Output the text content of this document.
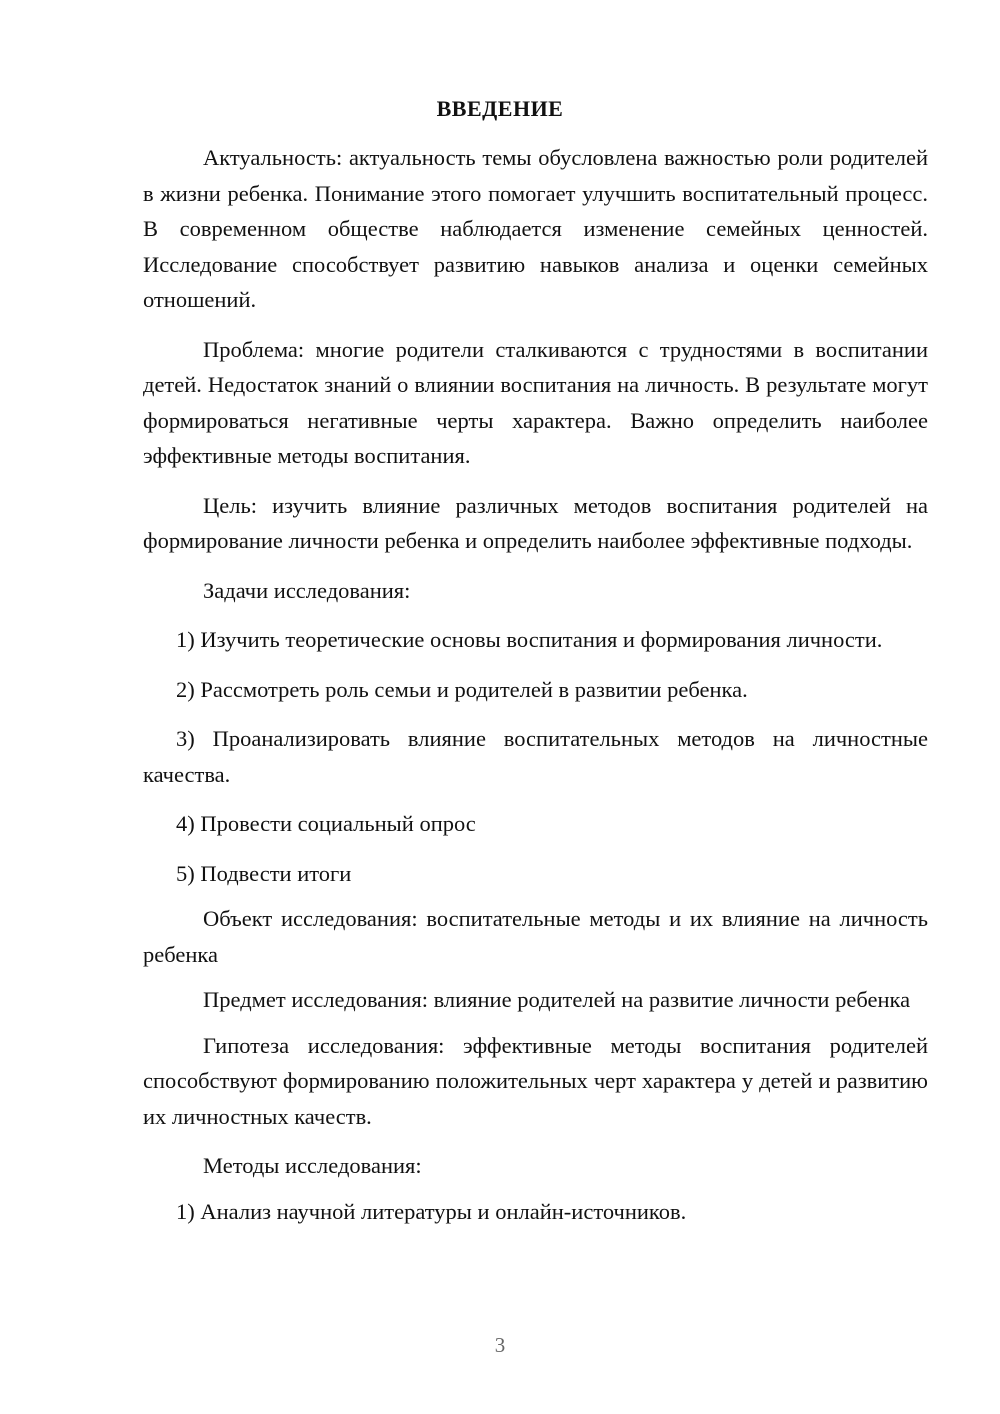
ВВЕДЕНИЕ

Актуальность: актуальность темы обусловлена важностью роли родителей в жизни ребенка. Понимание этого помогает улучшить воспитательный процесс. В современном обществе наблюдается изменение семейных ценностей. Исследование способствует развитию навыков анализа и оценки семейных отношений.

Проблема: многие родители сталкиваются с трудностями в воспитании детей. Недостаток знаний о влиянии воспитания на личность. В результате могут формироваться негативные черты характера. Важно определить наиболее эффективные методы воспитания.

Цель: изучить влияние различных методов воспитания родителей на формирование личности ребенка и определить наиболее эффективные подходы.

Задачи исследования:

1) Изучить теоретические основы воспитания и формирования личности.

2) Рассмотреть роль семьи и родителей в развитии ребенка.

3) Проанализировать влияние воспитательных методов на личностные качества.

4) Провести социальный опрос

5) Подвести итоги

Объект исследования: воспитательные методы и их влияние на личность ребенка

Предмет исследования: влияние родителей на развитие личности ребенка

Гипотеза исследования: эффективные методы воспитания родителей способствуют формированию положительных черт характера у детей и развитию их личностных качеств.

Методы исследования:

1) Анализ научной литературы и онлайн-источников.

3
